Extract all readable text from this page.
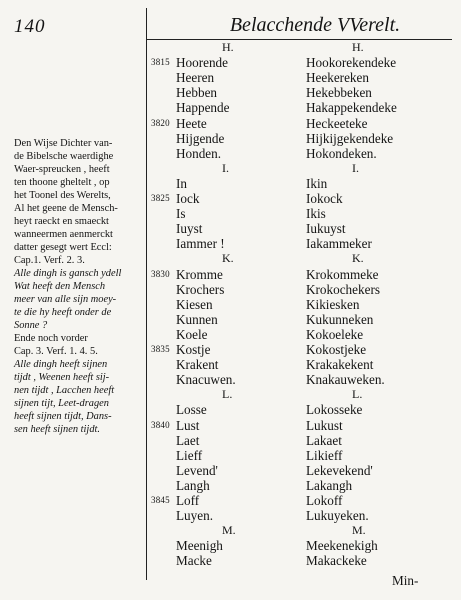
140	Belacchende VVerelt.
Den Wijse Dichter van-
de Bibelsche waerdighe
Waer-spreucken , heeft
ten thoone gheltelt , op
het Toonel des Werelts,
Al het geene de Mensch-
heyt raeckt en smaeckt
wanneermen aenmerckt
datter gesegt wert Eccl:
Cap.1. Verf. 2. 3.
Alle dingh is gansch ydell
Wat heeft den Mensch
meer van alle sijn moey-
te die hy heeft onder de
Sonne ?
Ende noch vorder
Cap. 3. Verf. 1. 4. 5.
Alle dingh heeft sijnen
tijdt , Weenen heeft sij-
nen tijdt , Lacchen heeft
sijnen tijt, Leet-dragen
heeft sijnen tijdt, Dans-
sen heeft sijnen tijdt.
H.	H.
3815 Hoorende	Hookorekendeke
Heeren	Heekereken
Hebben	Hekebbeken
Happende	Hakappekendeke
3820 Heete	Heckeeteke
Hijgende	Hijkijgekendeke
Honden.	Hokondeken.
I.	I.
In	Ikin
3825 Iock	Iokock
Is	Ikis
Iuyst	Iukuyst
Iammer !	Iakammeker
K.	K.
3830 Kromme	Krokommeke
Krochers	Krokochekers
Kiesen	Kikiesken
Kunnen	Kukunneken
Koele	Kokoeleke
3835 Kostje	Kokostjeke
Krakent	Krakakekent
Knacuwen.	Knakauweken.
L.	L.
Losse	Lokosseke
3840 Lust	Lukust
Laet	Lakaet
Lieff	Likieff
Levend'	Lekevekend'
Langh	Lakangh
3845 Loff	Lokoff
Luyen.	Lukuyeken.
M.	M.
Meenigh	Meekenekigh
Macke	Makackeke
Min-
